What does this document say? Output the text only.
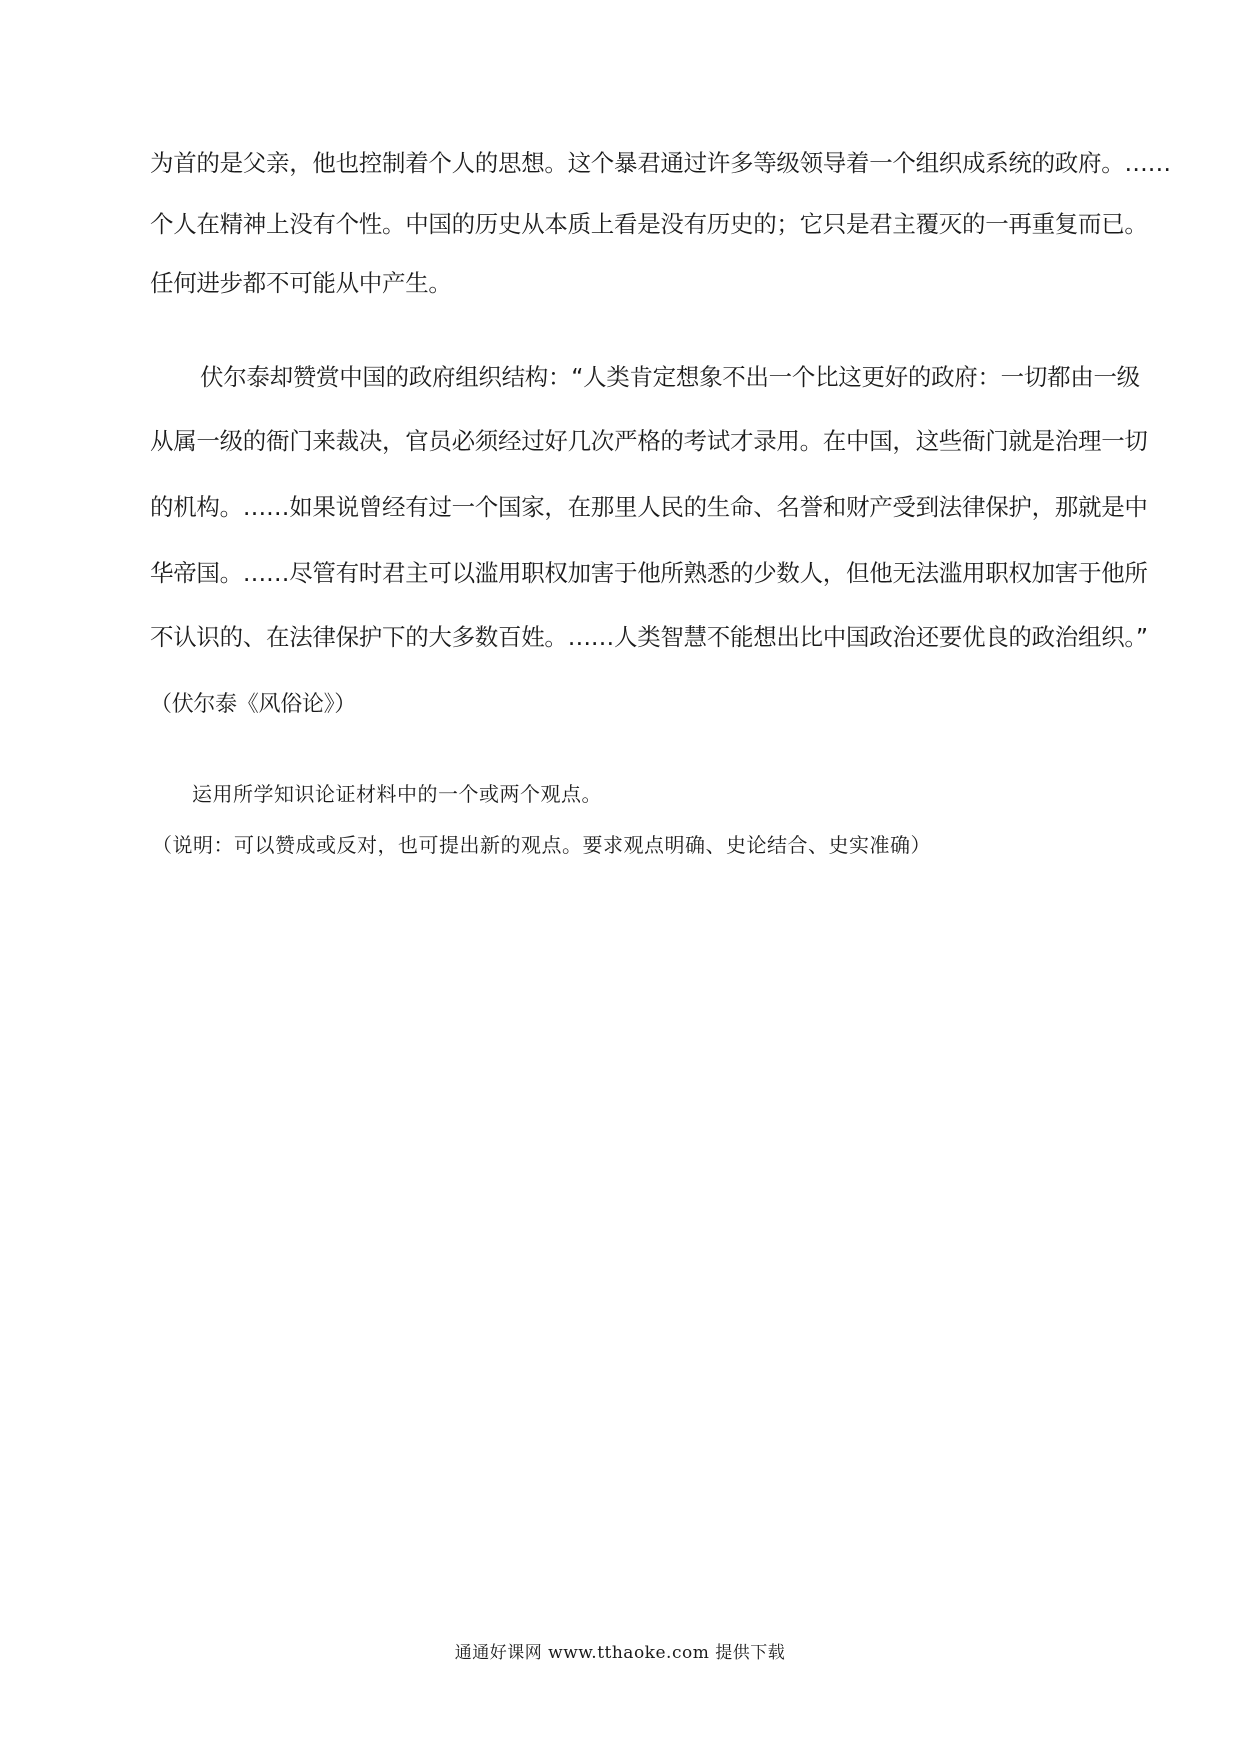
为首的是父亲，他也控制着个人的思想。这个暴君通过许多等级领导着一个组织成系统的政府。……
个人在精神上没有个性。中国的历史从本质上看是没有历史的；它只是君主覆灭的一再重复而已。
任何进步都不可能从中产生。
伏尔泰却赞赏中国的政府组织结构：“人类肯定想象不出一个比这更好的政府：一切都由一级
从属一级的衙门来裁决，官员必须经过好几次严格的考试才录用。在中国，这些衙门就是治理一切
的机构。……如果说曾经有过一个国家，在那里人民的生命、名誉和财产受到法律保护，那就是中
华帝国。……尽管有时君主可以滥用职权加害于他所熟悉的少数人，但他无法滥用职权加害于他所
不认识的、在法律保护下的大多数百姓。……人类智慧不能想出比中国政治还要优良的政治组织。”
（伏尔泰《风俗论》）
运用所学知识论证材料中的一个或两个观点。
（说明：可以赞成或反对，也可提出新的观点。要求观点明确、史论结合、史实准确）
通通好课网 www.tthaoke.com 提供下载
